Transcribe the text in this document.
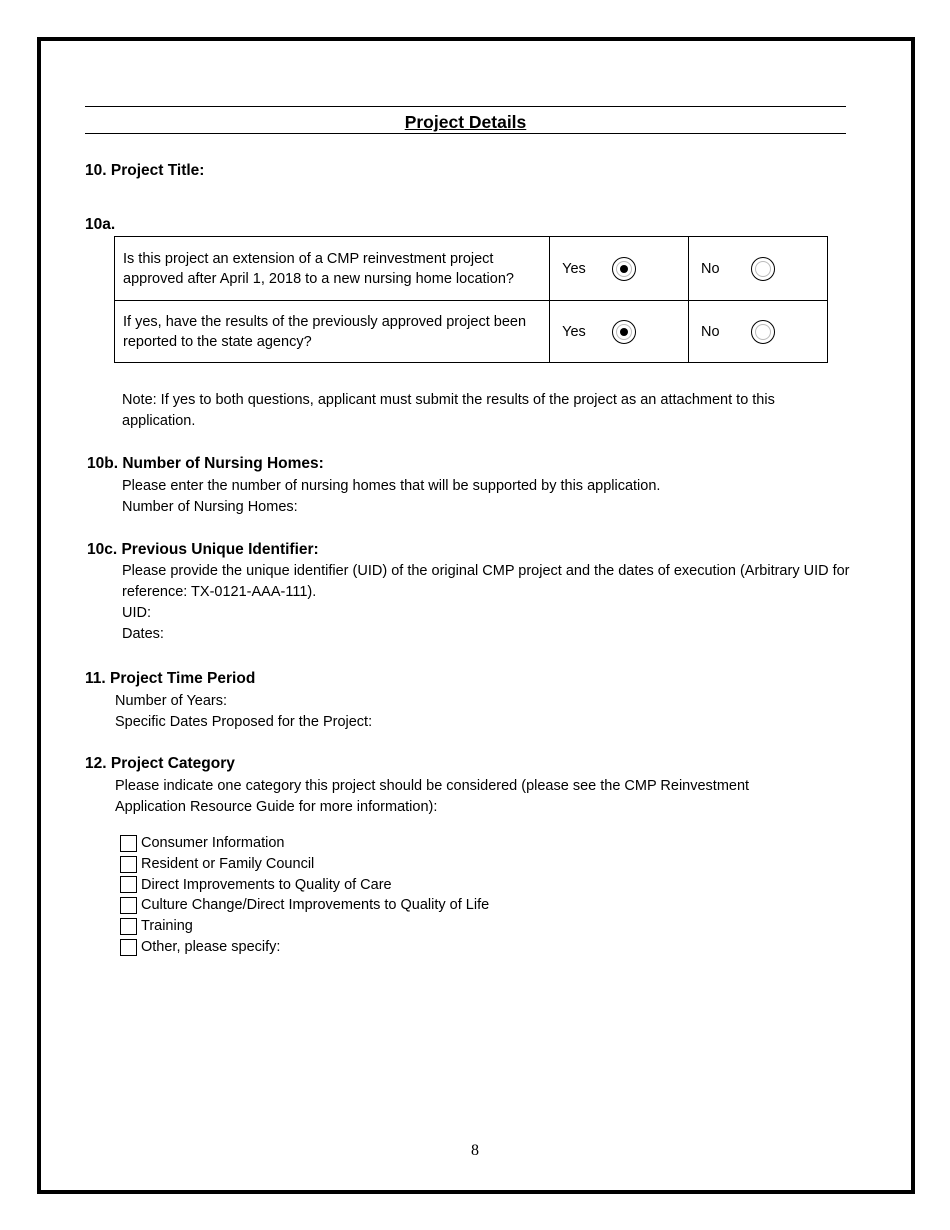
Project Details
10. Project Title:
10a.
Is this project an extension of a CMP reinvestment project approved after April 1, 2018 to a new nursing home location?	Yes	No

If yes, have the results of the previously approved project been reported to the state agency?	Yes	No
Note: If yes to both questions, applicant must submit the results of the project as an attachment to this application.
10b. Number of Nursing Homes:
Please enter the number of nursing homes that will be supported by this application.
Number of Nursing Homes:
10c. Previous Unique Identifier:
Please provide the unique identifier (UID) of the original CMP project and the dates of execution (Arbitrary UID for reference: TX-0121-AAA-111).
UID:
Dates:
11. Project Time Period
Number of Years:
Specific Dates Proposed for the Project:
12. Project Category
Please indicate one category this project should be considered (please see the CMP Reinvestment Application Resource Guide for more information):
Consumer Information
Resident or Family Council
Direct Improvements to Quality of Care
Culture Change/Direct Improvements to Quality of Life
Training
Other, please specify:
8
